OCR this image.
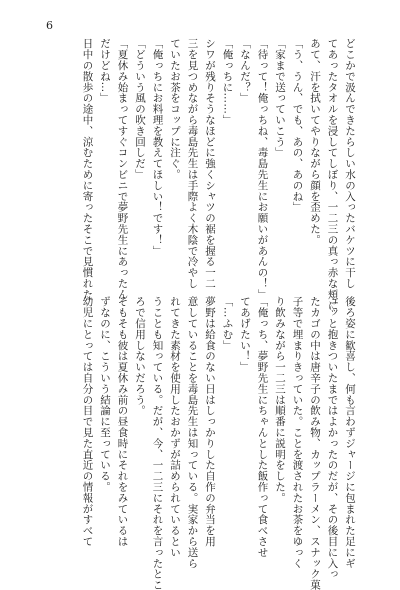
6
どこかで汲んできたらしい水の入ったバケツに干し
てあったタオルを浸してしぼり、一二三の真っ赤な頬に
あて、汗を拭いてやりながら顔を歪めた。
「う、うん、でも、あの、あのね」
「家まで送っていこう」
「待って！俺っちね、毒島先生にお願いがあんの！」
「なんだ？」
「俺っちに……」
シワが残りそうなほどに強くシャツの裾を握る一二
三を見つめながら毒島先生は手際よく木陰で冷やし
ていたお茶をコップに注ぐ。
「俺っちにお料理を教えてほしい！です！」
「どういう風の吹き回しだ」
「夏休み始まってすぐコンビニで夢野先生にあったん
だけどね…」
日中の散歩の途中、涼むために寄ったそこで見慣れた
後ろ姿に歓喜し、何も言わずジャージに包まれた足にギ
ュッと抱きついたまではよかったのだが、その後目に入っ
たカゴの中は唐辛子の飲み物、カップラーメン、スナック菓
子等で埋まりきっていた。ことを渡されたお茶をゆっく
り飲みながら一二三は順番に説明をした。
「俺っち、夢野先生にちゃんとした飯作って食べさせ
てあげたい！」
「…ふむ」
夢野は給食のない日はしっかりした自作の弁当を用
意していることを毒島先生は知っている。実家から送ら
れてきた素材を使用したおかずが詰められているとい
うことも知っている。だが、今、一二三にそれを言ったとこ
ろで信用しないだろう。
そもそも彼は夏休み前の昼食時にそれをみているは
ずなのに、こういう結論に至っている。
幼児にとっては自分の目で見た直近の情報がすべて
